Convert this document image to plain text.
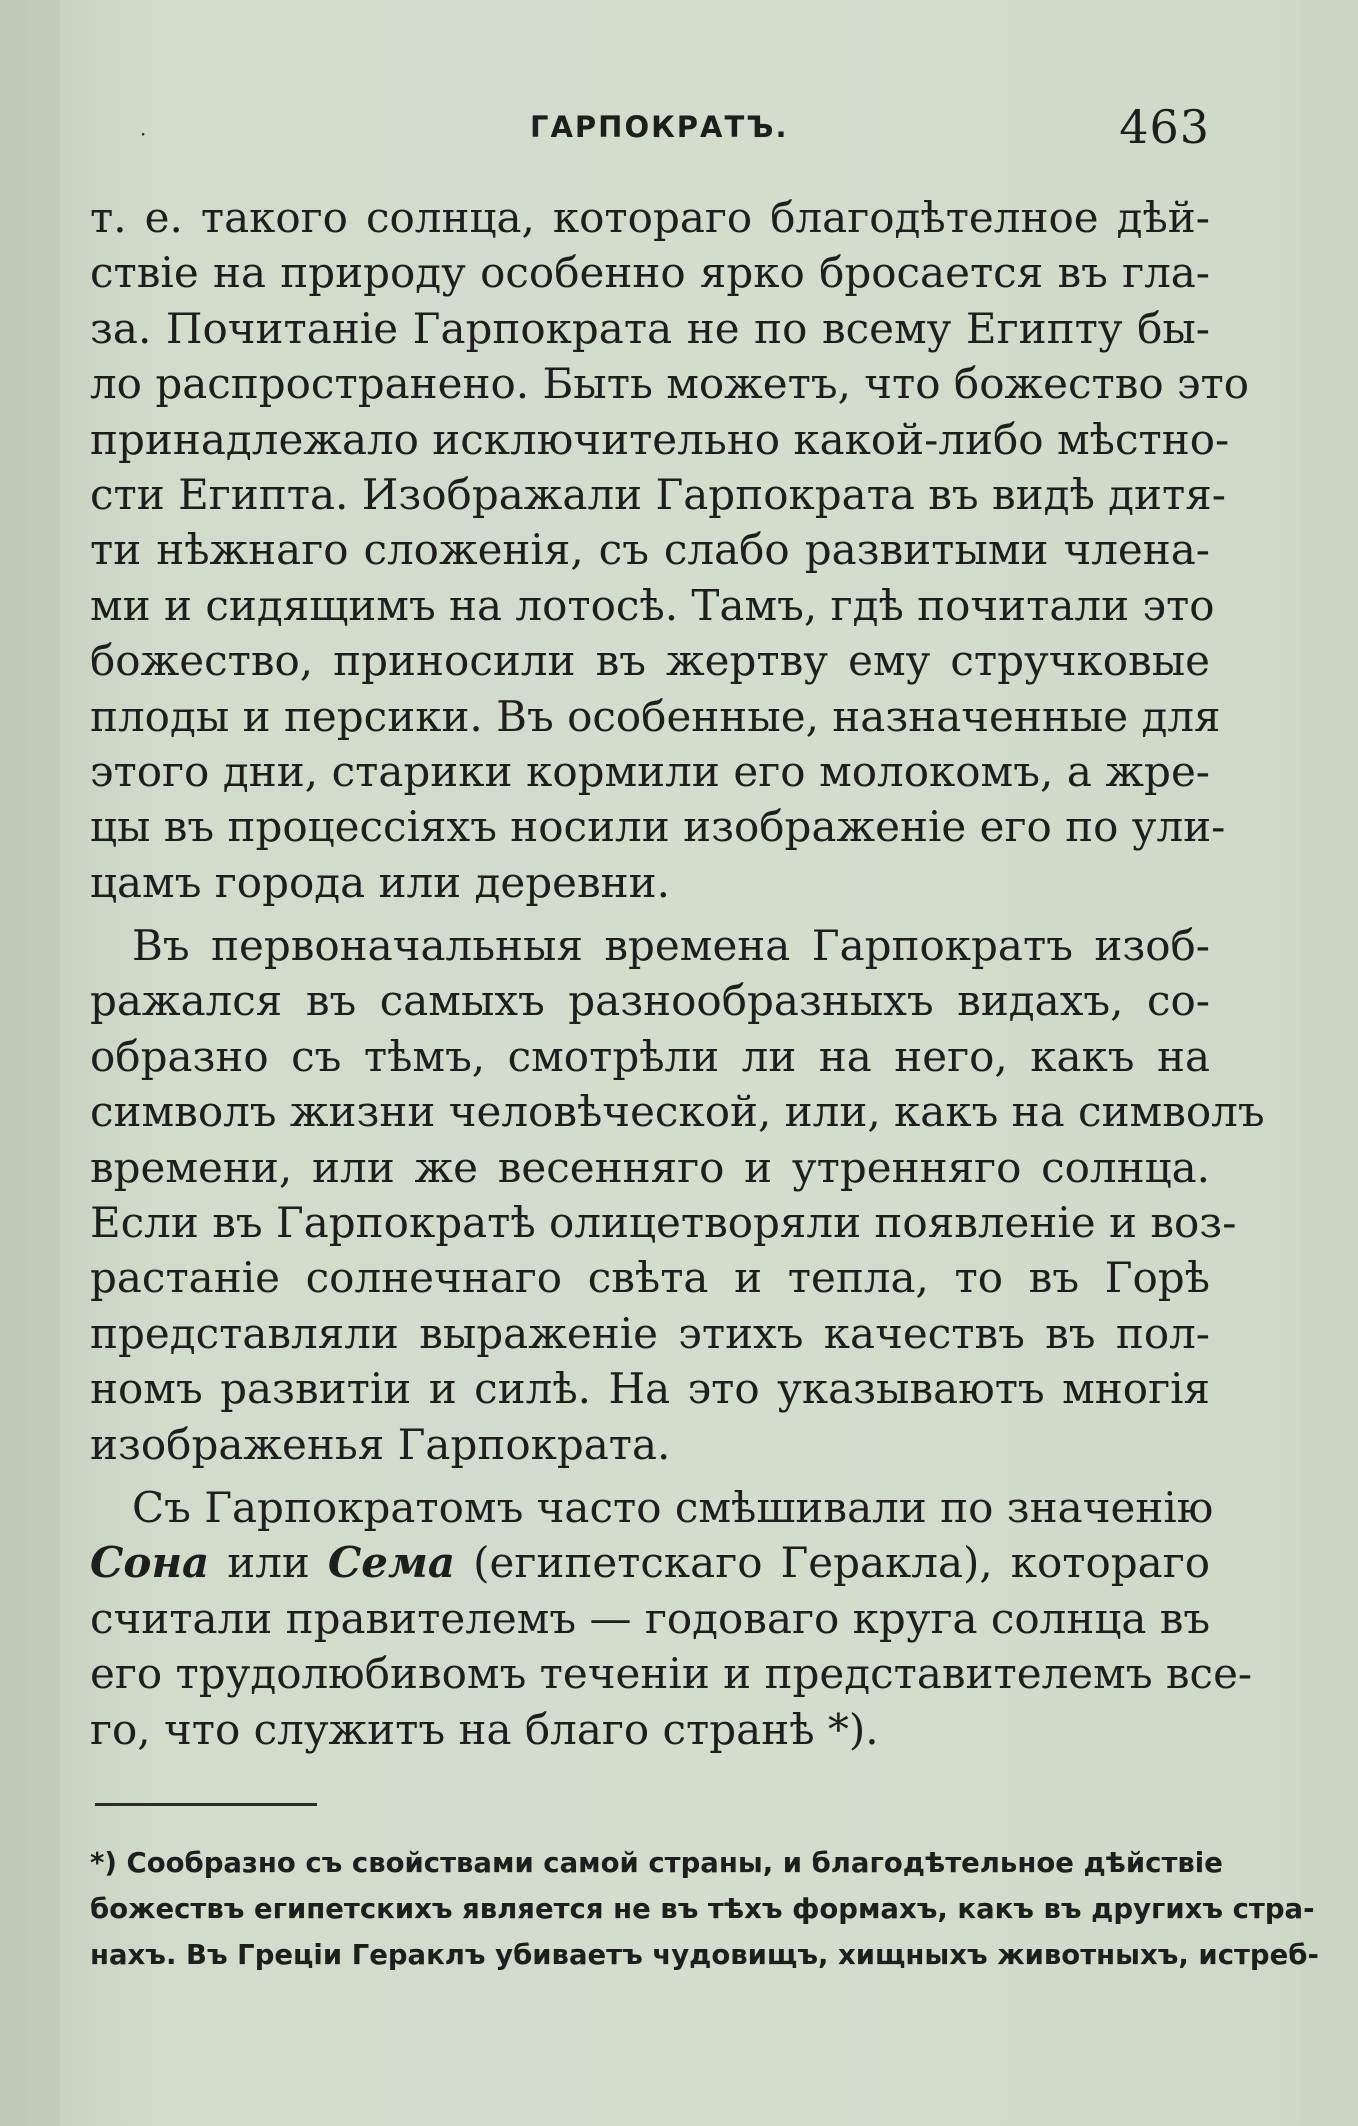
·	ГАРПОКРАТЪ.	463
т. е. такого солнца, котораго благодѣтелное дѣй-
ствіе на природу особенно ярко бросается въ гла-
за. Почитаніе Гарпократа не по всему Египту бы-
ло распространено. Быть можетъ, что божество это
принадлежало исключительно какой-либо мѣстно-
сти Египта. Изображали Гарпократа въ видѣ дитя-
ти нѣжнаго сложенія, съ слабо развитыми члена-
ми и сидящимъ на лотосѣ. Тамъ, гдѣ почитали это
божество, приносили въ жертву ему стручковые
плоды и персики. Въ особенные, назначенные для
этого дни, старики кормили его молокомъ, а жре-
цы въ процессіяхъ носили изображеніе его по ули-
цамъ города или деревни.
Въ первоначальныя времена Гарпократъ изоб-
ражался въ самыхъ разнообразныхъ видахъ, со-
образно съ тѣмъ, смотрѣли ли на него, какъ на
символъ жизни человѣческой, или, какъ на символъ
времени, или же весенняго и утренняго солнца.
Если въ Гарпократѣ олицетворяли появленіе и воз-
растаніе солнечнаго свѣта и тепла, то въ Горѣ
представляли выраженіе этихъ качествъ въ пол-
номъ развитіи и силѣ. На это указываютъ многія
изображенья Гарпократа.
Съ Гарпократомъ часто смѣшивали по значенію
Сона или Сема (египетскаго Геракла), котораго
считали правителемъ — годоваго круга солнца въ
его трудолюбивомъ теченіи и представителемъ все-
го, что служитъ на благо странѣ *).
*) Сообразно съ свойствами самой страны, и благодѣтельное дѣйствіе
божествъ египетскихъ является не въ тѣхъ формахъ, какъ въ другихъ стра-
нахъ. Въ Греціи Гераклъ убиваетъ чудовищъ, хищныхъ животныхъ, истреб-
